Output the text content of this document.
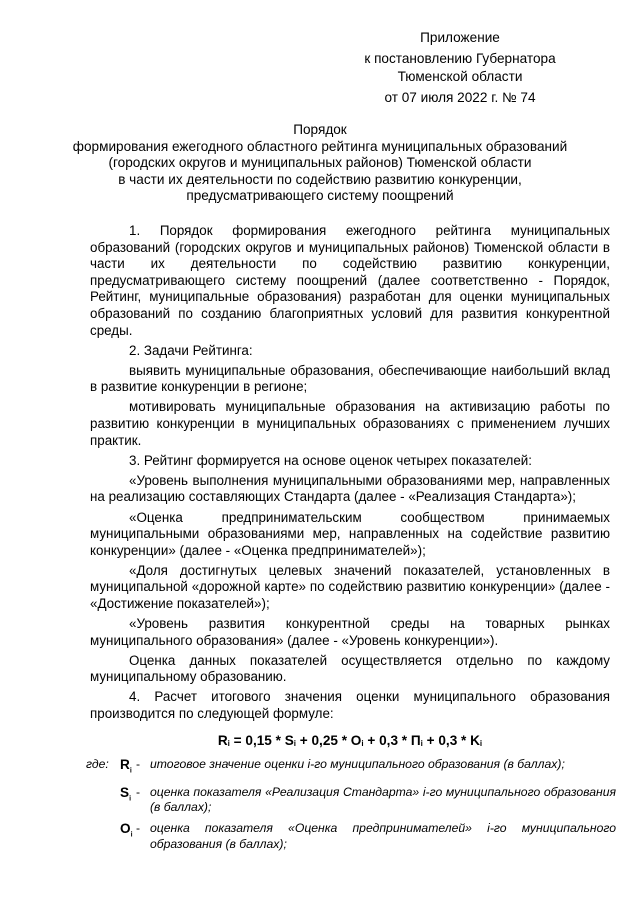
Приложение
к постановлению Губернатора
Тюменской области
от 07 июля 2022 г. № 74
Порядок
формирования ежегодного областного рейтинга муниципальных образований
(городских округов и муниципальных районов) Тюменской области
в части их деятельности по содействию развитию конкуренции,
предусматривающего систему поощрений

1. Порядок формирования ежегодного рейтинга муниципальных образований (городских округов и муниципальных районов) Тюменской области в части их деятельности по содействию развитию конкуренции, предусматривающего систему поощрений (далее соответственно - Порядок, Рейтинг, муниципальные образования) разработан для оценки муниципальных образований по созданию благоприятных условий для развития конкурентной среды.

2. Задачи Рейтинга:

выявить муниципальные образования, обеспечивающие наибольший вклад в развитие конкуренции в регионе;

мотивировать муниципальные образования на активизацию работы по развитию конкуренции в муниципальных образованиях с применением лучших практик.

3. Рейтинг формируется на основе оценок четырех показателей:

«Уровень выполнения муниципальными образованиями мер, направленных на реализацию составляющих Стандарта (далее - «Реализация Стандарта»);

«Оценка предпринимательским сообществом принимаемых муниципальными образованиями мер, направленных на содействие развитию конкуренции» (далее - «Оценка предпринимателей»);

«Доля достигнутых целевых значений показателей, установленных в муниципальной «дорожной карте» по содействию развитию конкуренции» (далее - «Достижение показателей»);

«Уровень развития конкурентной среды на товарных рынках муниципального образования» (далее - «Уровень конкуренции»).

Оценка данных показателей осуществляется отдельно по каждому муниципальному образованию.

4. Расчет итогового значения оценки муниципального образования производится по следующей формуле:

$R_i = 0,15 * S_i + 0,25 * O_i + 0,3 * П_i + 0,3 * K_i$
где: $R_i$
- итоговое значение оценки i-го муниципального образования (в баллах);
$S_i$
- оценка показателя «Реализация Стандарта» i-го муниципального образования (в баллах);
$O_i$
- оценка показателя «Оценка предпринимателей» i-го муниципального образования (в баллах);
